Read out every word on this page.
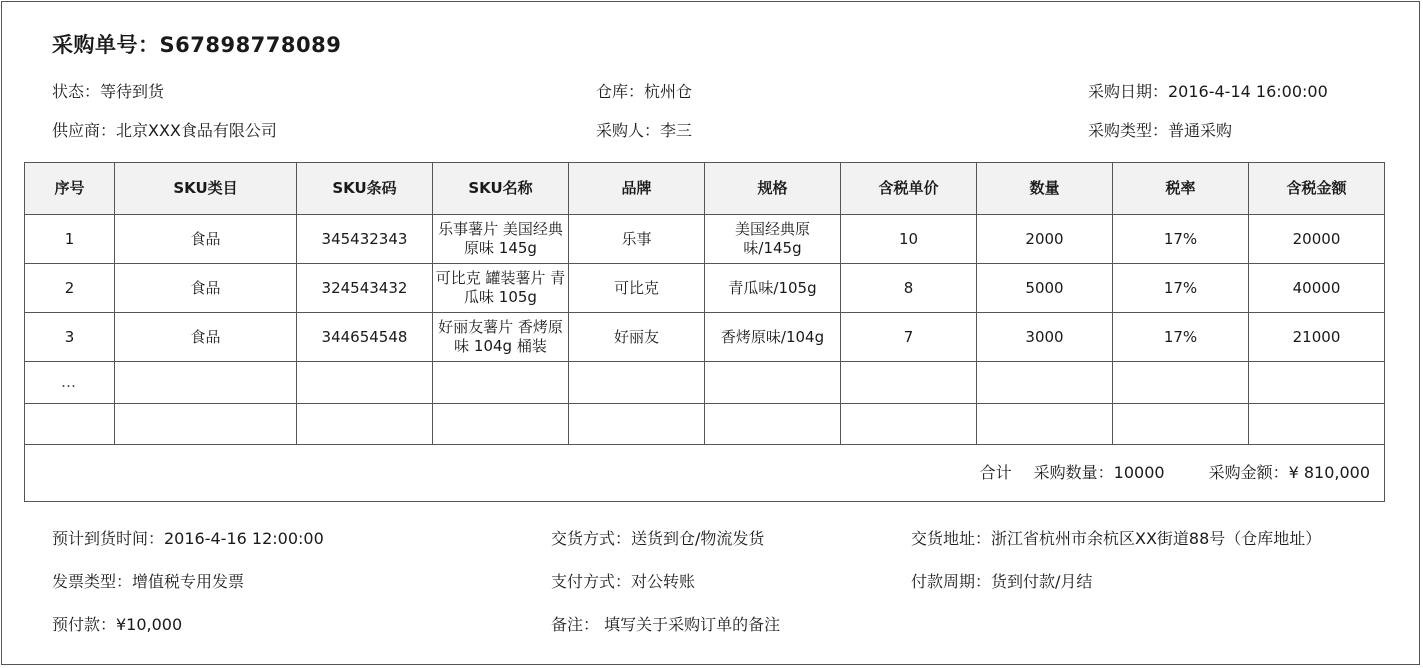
采购单号：S67898778089
状态：等待到货	仓库：杭州仓	采购日期：2016-4-14 16:00:00
供应商：北京XXX食品有限公司	采购人：李三	采购类型：普通采购
序号	SKU类目	SKU条码	SKU名称	品牌	规格	含税单价	数量	税率	含税金额
1	食品	345432343	乐事薯片 美国经典原味 145g	乐事	美国经典原味/145g	10	2000	17%	20000
2	食品	324543432	可比克 罐装薯片 青瓜味 105g	可比克	青瓜味/105g	8	5000	17%	40000
3	食品	344654548	好丽友薯片 香烤原味 104g 桶装	好丽友	香烤原味/104g	7	3000	17%	21000
…									

合计 采购数量：10000 采购金额：¥ 810,000									
预计到货时间：2016-4-16 12:00:00	交货方式：送货到仓/物流发货	交货地址：浙江省杭州市余杭区XX街道88号（仓库地址）
发票类型：增值税专用发票	支付方式：对公转账	付款周期：货到付款/月结
预付款：¥10,000	备注： 填写关于采购订单的备注
